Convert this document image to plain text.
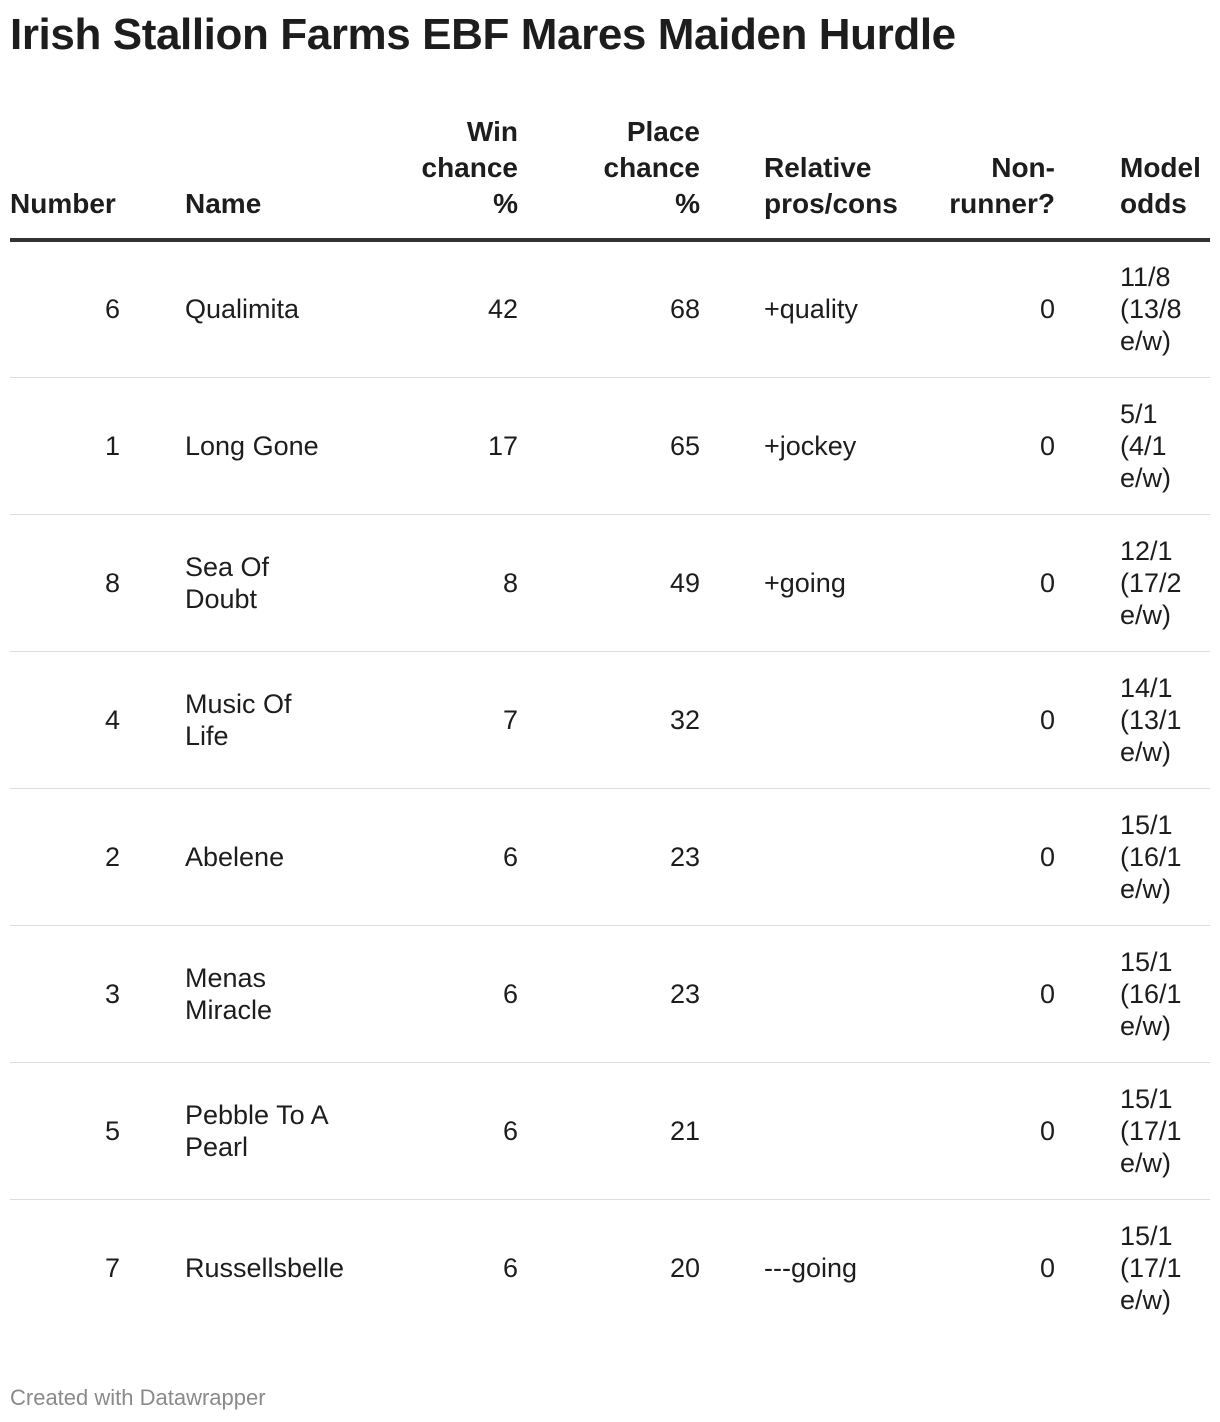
Irish Stallion Farms EBF Mares Maiden Hurdle
Number	Name	Win
chance
%	Place
chance
%	Relative
pros/cons	Non-
runner?	Model
odds
6	Qualimita	42	68	+quality	0	11/8 (13/8 e/w)
1	Long Gone	17	65	+jockey	0	5/1 (4/1 e/w)
8	Sea Of Doubt	8	49	+going	0	12/1 (17/2 e/w)
4	Music Of Life	7	32		0	14/1 (13/1 e/w)
2	Abelene	6	23		0	15/1 (16/1 e/w)
3	Menas Miracle	6	23		0	15/1 (16/1 e/w)
5	Pebble To A Pearl	6	21		0	15/1 (17/1 e/w)
7	Russellsbelle	6	20	---going	0	15/1 (17/1 e/w)
Created with Datawrapper
